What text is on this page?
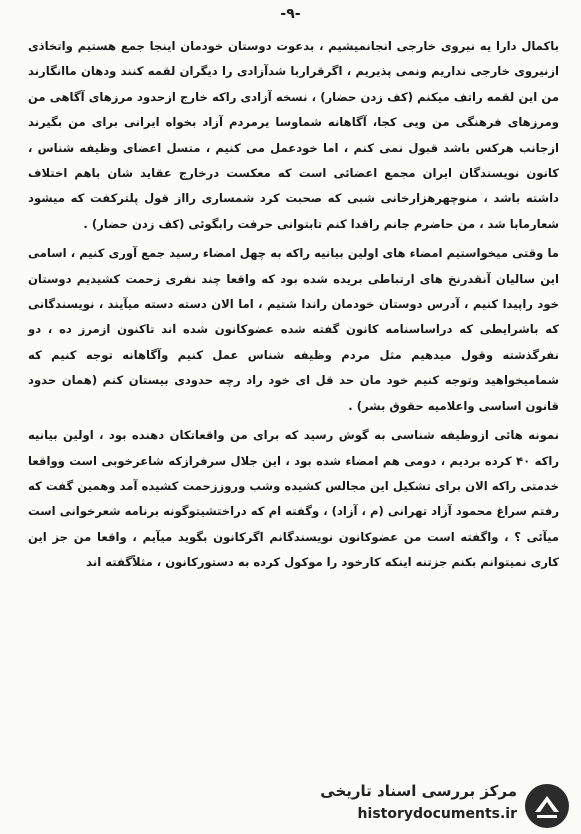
-۹-

باکمال دارا یه نیروی خارجی انجانمیشیم ، بدعوت دوستان خودمان اینجا جمع هستیم واتخاذی ازنیروی خارجی نداریم ونمی پذیریم ، اگرقراربا شدآزادی را دیگران لقمه کنند ودهان ماانگارند من این لقمه راتف میکنم (کف زدن حضار) ، نسخه آزادی راکه خارج ازحدود مرزهای آگاهی من ومرزهای فرهنگی من ویی کجا، آگاهانه شماوسا یرمردم آزاد بخواه ایرانی برای من بگیرند ازجانب هرکس باشد قبول نمی کنم ، اما خودعمل می کنیم ، متسل اعضای وظیفه شناس ، کانون نویسندگان ایران مجمع اعضائی است که معکست درخارج عقاید شان باهم اختلاف داشته باشد ، منوچهرهزارخانی شبی که صحبت کرد شمساری رااز قول پلترکفت که میشود شعارمابا شد ، من حاضرم جانم راقدا کنم تابتوانی حرفت رابگوئی (کف زدن حضار) .

ما وقتی میخواستیم امضاء های اولین بیانیه راکه به چهل امضاء رسید جمع آوری کنیم ، اسامی این سالیان آنقدرنخ های ارتباطی بریده شده بود که واقعا چند نفری زحمت کشیدیم دوستان خود راپیدا کنیم ، آدرس دوستان خودمان راندا شتیم ، اما الان دسته دسته میآیند ، نویسندگانی که باشرایطی که دراساسنامه کانون گفته شده عضوکانون شده اند تاکنون ازمرز ده ، دو نفرگذشته وقول میدهیم مثل مردم وظیفه شناس عمل کنیم وآگاهانه توجه کنیم که شمامیخواهید وتوجه کنیم خود مان حد قل ای خود راد رچه حدودی بیستان کنم (همان حدود قانون اساسی واعلامیه حقوق بشر) .

نمونه هائی ازوظیفه شناسی به گوش رسید که برای من واقعاتکان دهنده بود ، اولین بیانیه راکه ۴۰ کرده بردیم ، دومی هم امضاء شده بود ، این جلال سرفرازکه شاعرخوبی است وواقعا خدمتی راکه الان برای تشکیل این مجالس کشیده وشب وروززحمت کشیده آمد وهمین گفت که رفتم سراغ محمود آزاد تهرانی (م ، آزاد) ، وگفته ام که دراختشیتوگونه برنامه شعرخوانی است میآئی ؟ ، واگفته است من عضوکانون نویسندگانم اگرکانون بگوید میآیم ، واقعا من جز این کاری نمیتوانم بکنم جزتنه اینکه کارخود را موکول کرده به دستورکانون ، مثلاًگفته اند

مرکز بررسی اسناد تاریخی
historydocuments.ir
